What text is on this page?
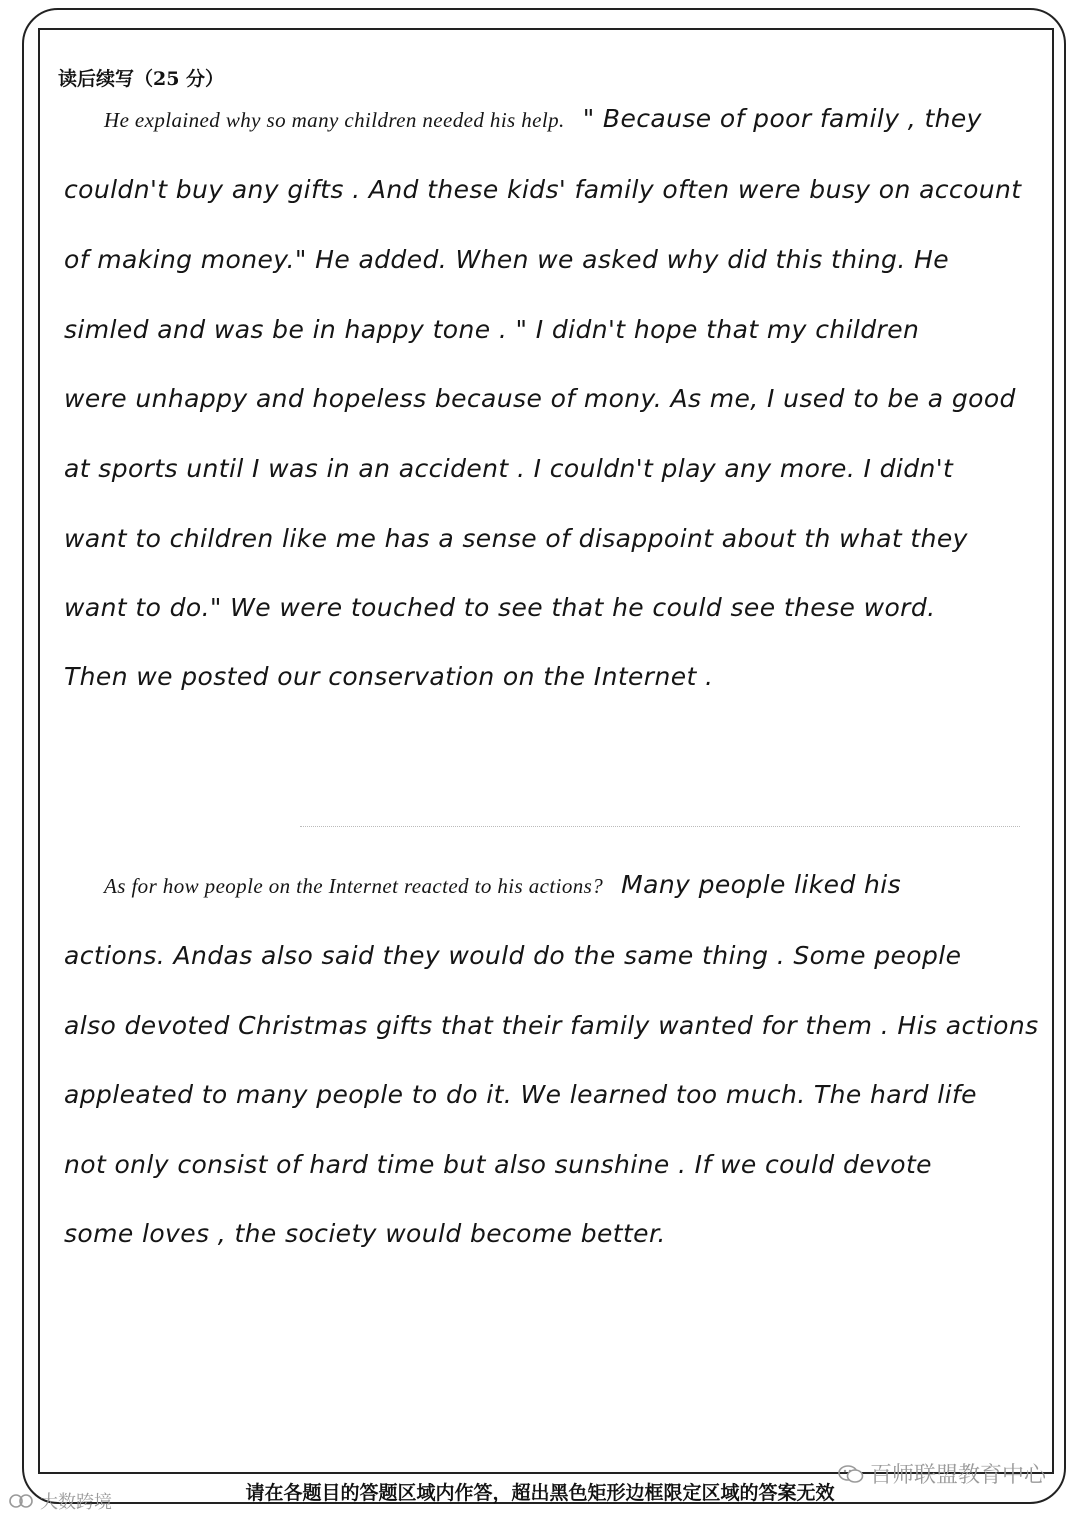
读后续写（25 分）
He explained why so many children needed his help. " Because of poor family , they
couldn't buy any gifts . And these kids' family often were busy on account
of making money." He added. When we asked why did this thing. He
simled and was be in happy tone . " I didn't hope that my children
were unhappy and hopeless because of mony. As me, I used to be a good
at sports until I was in an accident . I couldn't play any more. I didn't
want to children like me has a sense of disappoint about th what they
want to do." We were touched to see that he could see these word.
Then we posted our conservation on the Internet .
As for how people on the Internet reacted to his actions? Many people liked his
actions. Andas also said they would do the same thing . Some people
also devoted Christmas gifts that their family wanted for them . His actions
appleated to many people to do it. We learned too much. The hard life
not only consist of hard time but also sunshine . If we could devote
some loves , the society would become better.
百师联盟教育中心
请在各题目的答题区域内作答，超出黑色矩形边框限定区域的答案无效
大数跨境
